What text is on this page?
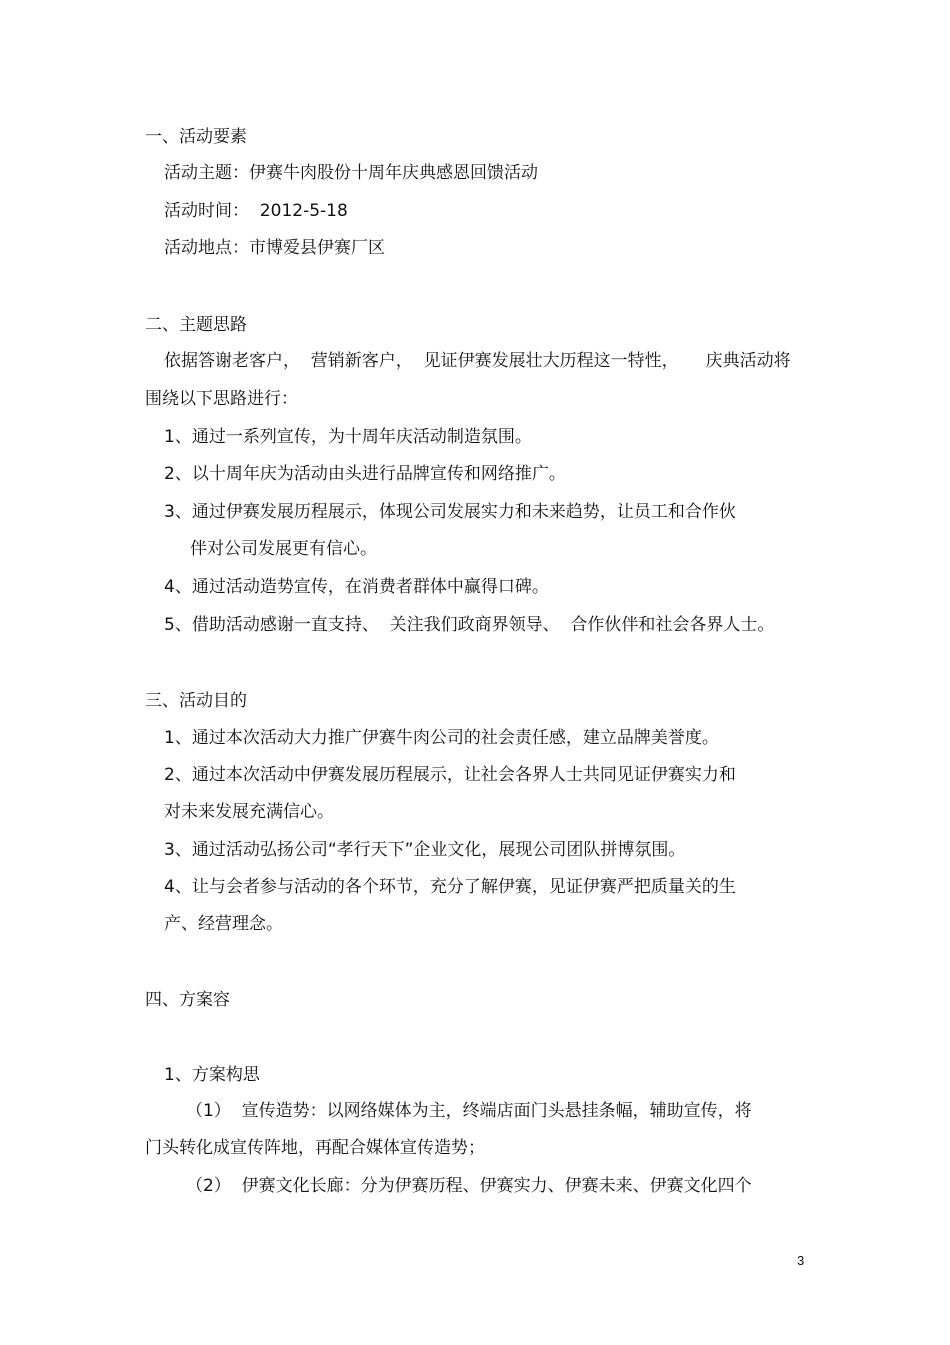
一、活动要素
活动主题：伊赛牛肉股份十周年庆典感恩回馈活动
活动时间：  2012-5-18
活动地点：市博爱县伊赛厂区
二、主题思路
依据答谢老客户，  营销新客户，  见证伊赛发展壮大历程这一特性，     庆典活动将
围绕以下思路进行：
1、通过一系列宣传，为十周年庆活动制造氛围。
2、以十周年庆为活动由头进行品牌宣传和网络推广。
3、通过伊赛发展历程展示，体现公司发展实力和未来趋势，让员工和合作伙
伴对公司发展更有信心。
4、通过活动造势宣传，在消费者群体中赢得口碑。
5、借助活动感谢一直支持、  关注我们政商界领导、  合作伙伴和社会各界人士。
三、活动目的
1、通过本次活动大力推广伊赛牛肉公司的社会责任感，建立品牌美誉度。
2、通过本次活动中伊赛发展历程展示，让社会各界人士共同见证伊赛实力和
对未来发展充满信心。
3、通过活动弘扬公司“孝行天下”企业文化，展现公司团队拼博氛围。
4、让与会者参与活动的各个环节，充分了解伊赛，见证伊赛严把质量关的生
产、经营理念。
四、方案容
1、方案构思
（1）  宣传造势：以网络媒体为主，终端店面门头悬挂条幅，辅助宣传，将
门头转化成宣传阵地，再配合媒体宣传造势；
（2）  伊赛文化长廊：分为伊赛历程、伊赛实力、伊赛未来、伊赛文化四个
3
